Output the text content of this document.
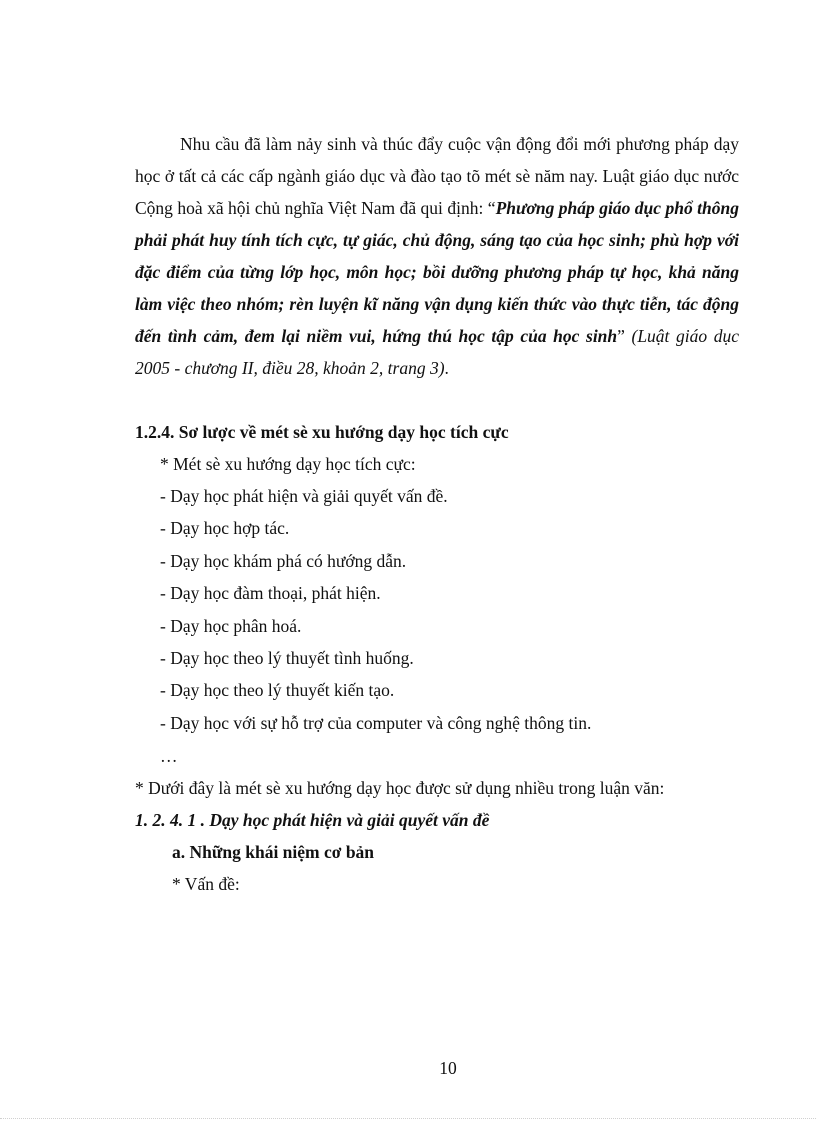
Nhu cầu đã làm nảy sinh và thúc đẩy cuộc vận động đổi mới phương pháp dạy học ở tất cả các cấp ngành giáo dục và đào tạo tõ mét sè năm nay. Luật giáo dục nước Cộng hoà xã hội chủ nghĩa Việt Nam đã qui định: “Phương pháp giáo dục phổ thông phải phát huy tính tích cực, tự giác, chủ động, sáng tạo của học sinh; phù hợp với đặc điểm của từng lớp học, môn học; bồi dưỡng phương pháp tự học, khả năng làm việc theo nhóm; rèn luyện kĩ năng vận dụng kiến thức vào thực tiễn, tác động đến tình cảm, đem lại niềm vui, hứng thú học tập của học sinh” (Luật giáo dục 2005 - chương II, điều 28, khoản 2, trang 3).
1.2.4. Sơ lược về mét sè xu hướng dạy học tích cực
* Mét sè xu hướng dạy học tích cực:
- Dạy học phát hiện và giải quyết vấn đề.
- Dạy học hợp tác.
- Dạy học khám phá có hướng dẫn.
- Dạy học đàm thoại, phát hiện.
- Dạy học phân hoá.
- Dạy học theo lý thuyết tình huống.
- Dạy học theo lý thuyết kiến tạo.
- Dạy học với sự hỗ trợ của computer và công nghệ thông tin.
…
* Dưới đây là mét sè xu hướng dạy học được sử dụng nhiều trong luận văn:
1. 2. 4. 1 . Dạy học phát hiện và giải quyết vấn đề
a. Những khái niệm cơ bản
* Vấn đề:
10
